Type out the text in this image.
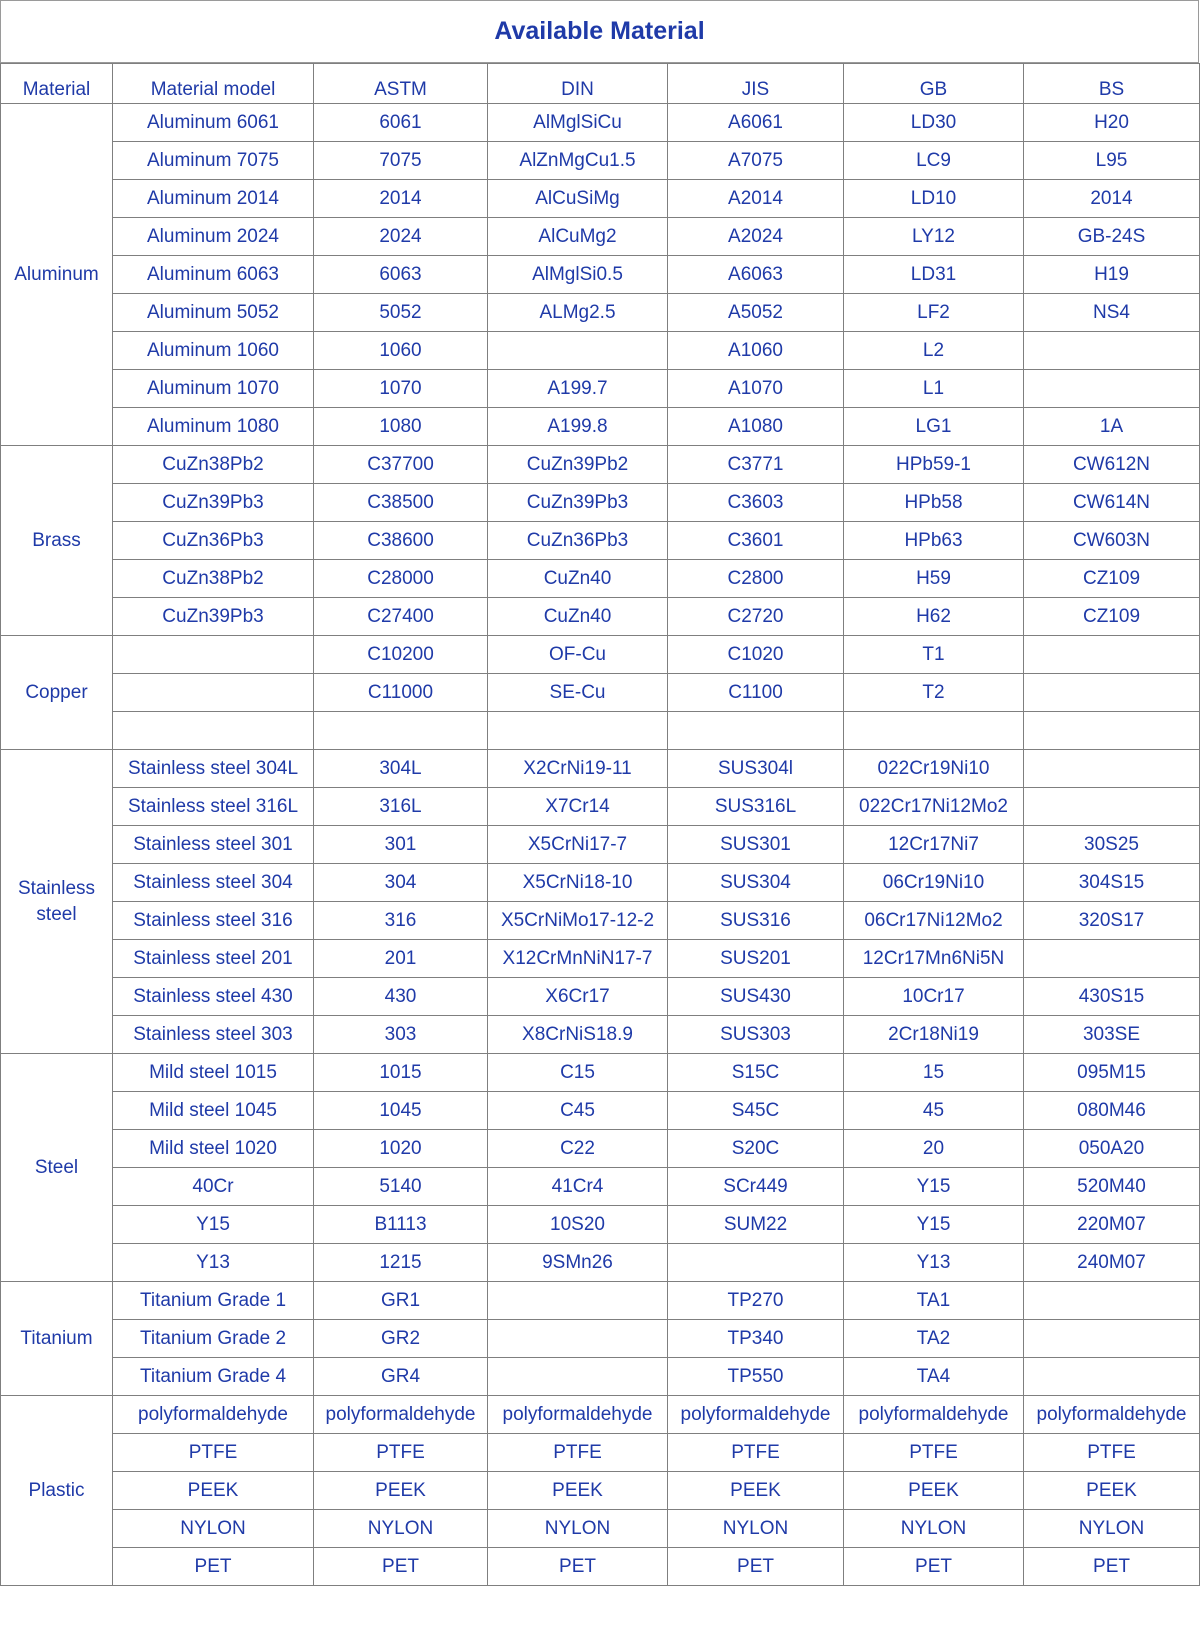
Available Material
Material	Material model	ASTM	DIN	JIS	GB	BS
Aluminum	Aluminum 6061	6061	AlMglSiCu	A6061	LD30	H20
	Aluminum 7075	7075	AlZnMgCu1.5	A7075	LC9	L95
	Aluminum 2014	2014	AlCuSiMg	A2014	LD10	2014
	Aluminum 2024	2024	AlCuMg2	A2024	LY12	GB-24S
	Aluminum 6063	6063	AlMglSi0.5	A6063	LD31	H19
	Aluminum 5052	5052	ALMg2.5	A5052	LF2	NS4
	Aluminum 1060	1060		A1060	L2	
	Aluminum 1070	1070	A199.7	A1070	L1	
	Aluminum 1080	1080	A199.8	A1080	LG1	1A
Brass	CuZn38Pb2	C37700	CuZn39Pb2	C3771	HPb59-1	CW612N
	CuZn39Pb3	C38500	CuZn39Pb3	C3603	HPb58	CW614N
	CuZn36Pb3	C38600	CuZn36Pb3	C3601	HPb63	CW603N
	CuZn38Pb2	C28000	CuZn40	C2800	H59	CZ109
	CuZn39Pb3	C27400	CuZn40	C2720	H62	CZ109
Copper		C10200	OF-Cu	C1020	T1	
		C11000	SE-Cu	C1100	T2	

Stainless steel	Stainless steel 304L	304L	X2CrNi19-11	SUS304l	022Cr19Ni10	
	Stainless steel 316L	316L	X7Cr14	SUS316L	022Cr17Ni12Mo2	
	Stainless steel 301	301	X5CrNi17-7	SUS301	12Cr17Ni7	30S25
	Stainless steel 304	304	X5CrNi18-10	SUS304	06Cr19Ni10	304S15
	Stainless steel 316	316	X5CrNiMo17-12-2	SUS316	06Cr17Ni12Mo2	320S17
	Stainless steel 201	201	X12CrMnNiN17-7	SUS201	12Cr17Mn6Ni5N	
	Stainless steel 430	430	X6Cr17	SUS430	10Cr17	430S15
	Stainless steel 303	303	X8CrNiS18.9	SUS303	2Cr18Ni19	303SE
Steel	Mild steel 1015	1015	C15	S15C	15	095M15
	Mild steel 1045	1045	C45	S45C	45	080M46
	Mild steel 1020	1020	C22	S20C	20	050A20
	40Cr	5140	41Cr4	SCr449	Y15	520M40
	Y15	B1113	10S20	SUM22	Y15	220M07
	Y13	1215	9SMn26		Y13	240M07
Titanium	Titanium Grade 1	GR1		TP270	TA1	
	Titanium Grade 2	GR2		TP340	TA2	
	Titanium Grade 4	GR4		TP550	TA4	
Plastic	polyformaldehyde	polyformaldehyde	polyformaldehyde	polyformaldehyde	polyformaldehyde	polyformaldehyde
	PTFE	PTFE	PTFE	PTFE	PTFE	PTFE
	PEEK	PEEK	PEEK	PEEK	PEEK	PEEK
	NYLON	NYLON	NYLON	NYLON	NYLON	NYLON
	PET	PET	PET	PET	PET	PET
